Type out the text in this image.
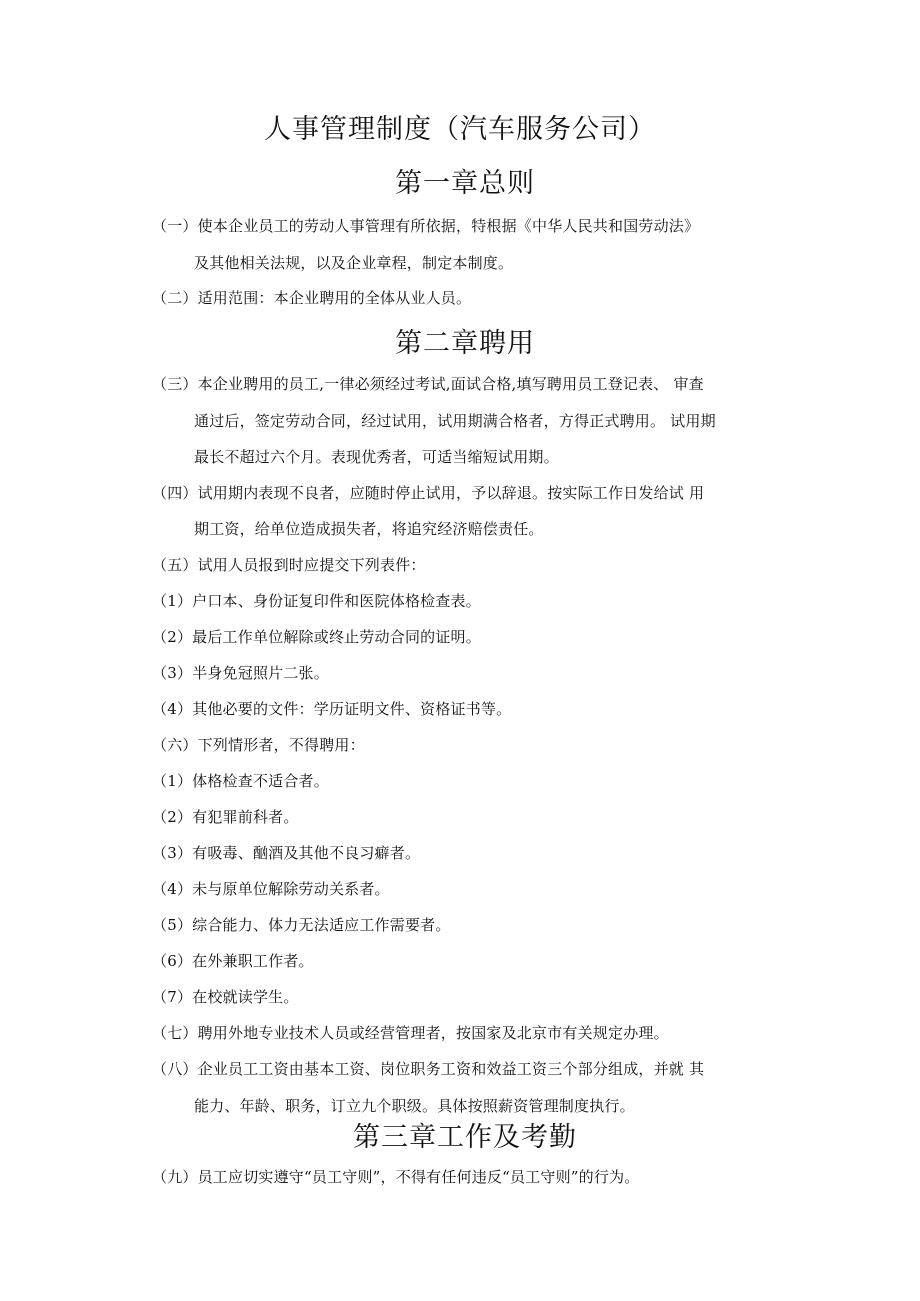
人事管理制度（汽车服务公司）
第一章总则
（一）使本企业员工的劳动人事管理有所依据，特根据《中华人民共和国劳动法》
及其他相关法规，以及企业章程，制定本制度。
（二）适用范围：本企业聘用的全体从业人员。
第二章聘用
（三）本企业聘用的员工,一律必须经过考试,面试合格,填写聘用员工登记表、 审查
通过后，签定劳动合同，经过试用，试用期满合格者，方得正式聘用。 试用期
最长不超过六个月。表现优秀者，可适当缩短试用期。
（四）试用期内表现不良者，应随时停止试用，予以辞退。按实际工作日发给试 用
期工资，给单位造成损失者，将追究经济赔偿责任。
（五）试用人员报到时应提交下列表件：
（1）户口本、身份证复印件和医院体格检查表。
（2）最后工作单位解除或终止劳动合同的证明。
（3）半身免冠照片二张。
（4）其他必要的文件：学历证明文件、资格证书等。
（六）下列情形者，不得聘用：
（1）体格检查不适合者。
（2）有犯罪前科者。
（3）有吸毒、酗酒及其他不良习癖者。
（4）未与原单位解除劳动关系者。
（5）综合能力、体力无法适应工作需要者。
（6）在外兼职工作者。
（7）在校就读学生。
（七）聘用外地专业技术人员或经营管理者，按国家及北京市有关规定办理。
（八）企业员工工资由基本工资、岗位职务工资和效益工资三个部分组成，并就 其
能力、年龄、职务，订立九个职级。具体按照薪资管理制度执行。
第三章工作及考勤
（九）员工应切实遵守“员工守则”，不得有任何违反“员工守则”的行为。
